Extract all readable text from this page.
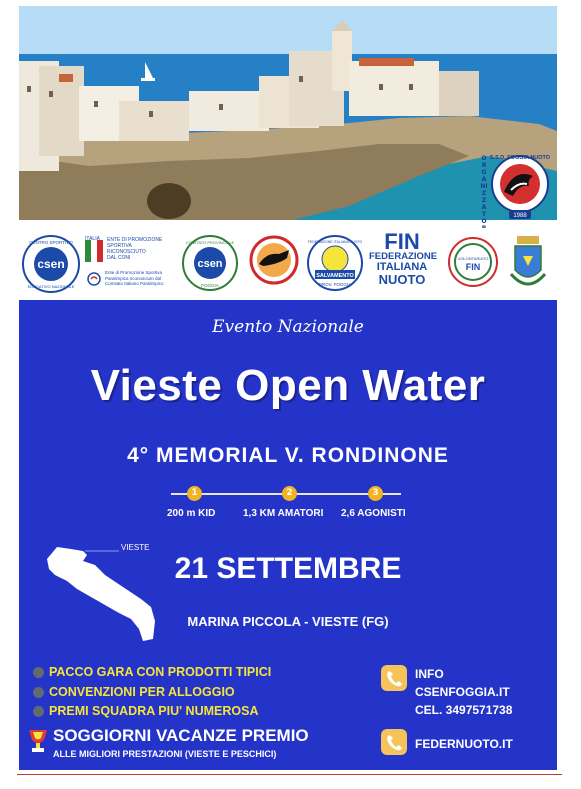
ORGANIZZATO
1988
S.S.D. FOGGIA NUOTO
csen
CENTRO SPORTIVO
EDUCATIVO NAZIONALE
ITALIA ENTE DI PROMOZIONE
SPORTIVA
RICONOSCIUTO
DAL CONI
Ente di Promozione Sportiva
Paralimpica riconosciuto dal
Comitato Italiano Paralimpico
csen
COMITATO PROVINCIALE
FOGGIA
SALVAMENTO
FEDERAZIONE ITALIANA NUOTO
PROV. FOGGIA
FIN
FEDERAZIONE
ITALIANA
NUOTO
VOLONTARIATO
FIN
Evento Nazionale
Vieste Open Water
4° MEMORIAL V. RONDINONE
1	2	3
200 m KID	1,3 KM AMATORI 2,6 AGONISTI
VIESTE
21 SETTEMBRE
MARINA PICCOLA - VIESTE (FG)
PACCO GARA CON PRODOTTI TIPICI
CONVENZIONI PER ALLOGGIO
PREMI SQUADRA PIU' NUMEROSA
SOGGIORNI VACANZE PREMIO
ALLE MIGLIORI PRESTAZIONI (VIESTE E PESCHICI)
INFO
CSENFOGGIA.IT
CEL. 3497571738
FEDERNUOTO.IT
